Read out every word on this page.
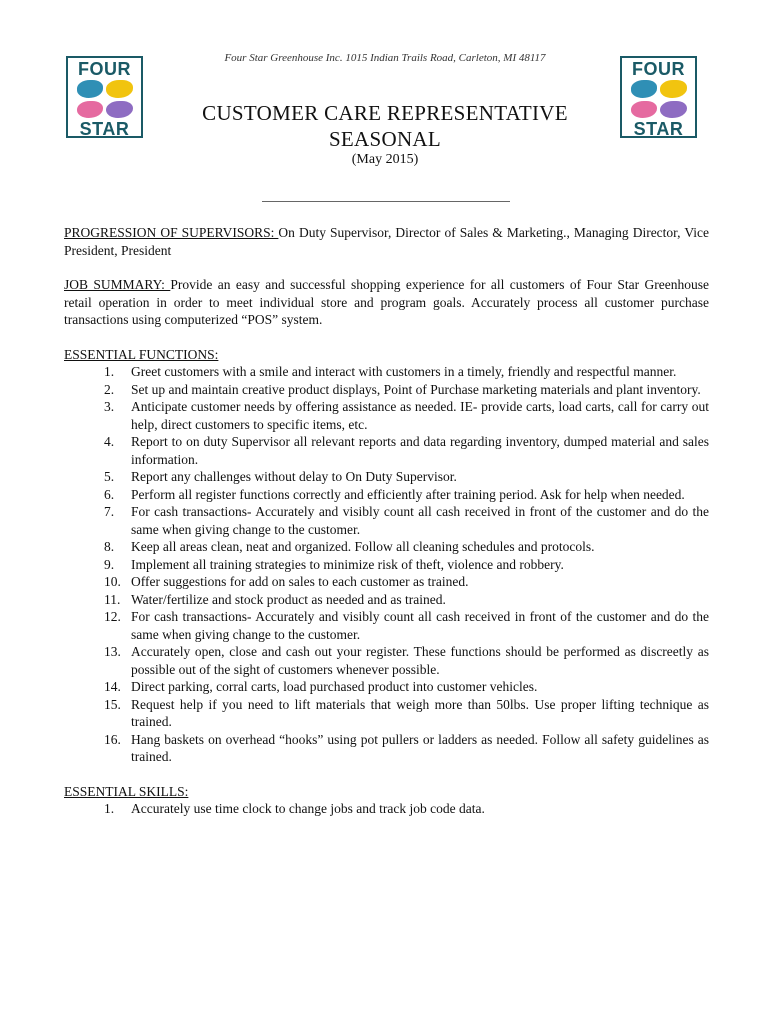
FOUR
STAR
FOUR
STAR
Four Star Greenhouse Inc. 1015 Indian Trails Road, Carleton, MI 48117
CUSTOMER CARE REPRESENTATIVE
SEASONAL
(May 2015)

PROGRESSION OF SUPERVISORS: On Duty Supervisor, Director of Sales & Marketing., Managing Director, Vice President, President

JOB SUMMARY: Provide an easy and successful shopping experience for all customers of Four Star Greenhouse retail operation in order to meet individual store and program goals. Accurately process all customer purchase transactions using computerized “POS” system.

ESSENTIAL FUNCTIONS:

1.	Greet customers with a smile and interact with customers in a timely, friendly and respectful manner.
2.	Set up and maintain creative product displays, Point of Purchase marketing materials and plant inventory.
3.	Anticipate customer needs by offering assistance as needed. IE- provide carts, load carts, call for carry out help, direct customers to specific items, etc.
4.	Report to on duty Supervisor all relevant reports and data regarding inventory, dumped material and sales information.
5.	Report any challenges without delay to On Duty Supervisor.
6.	Perform all register functions correctly and efficiently after training period. Ask for help when needed.
7.	For cash transactions- Accurately and visibly count all cash received in front of the customer and do the same when giving change to the customer.
8.	Keep all areas clean, neat and organized. Follow all cleaning schedules and protocols.
9.	Implement all training strategies to minimize risk of theft, violence and robbery.
10. Offer suggestions for add on sales to each customer as trained.
11. Water/fertilize and stock product as needed and as trained.
12. For cash transactions- Accurately and visibly count all cash received in front of the customer and do the same when giving change to the customer.
13. Accurately open, close and cash out your register. These functions should be performed as discreetly as possible out of the sight of customers whenever possible.
14. Direct parking, corral carts, load purchased product into customer vehicles.
15. Request help if you need to lift materials that weigh more than 50lbs. Use proper lifting technique as trained.
16. Hang baskets on overhead “hooks” using pot pullers or ladders as needed. Follow all safety guidelines as trained.

ESSENTIAL SKILLS:

1.	Accurately use time clock to change jobs and track job code data.
